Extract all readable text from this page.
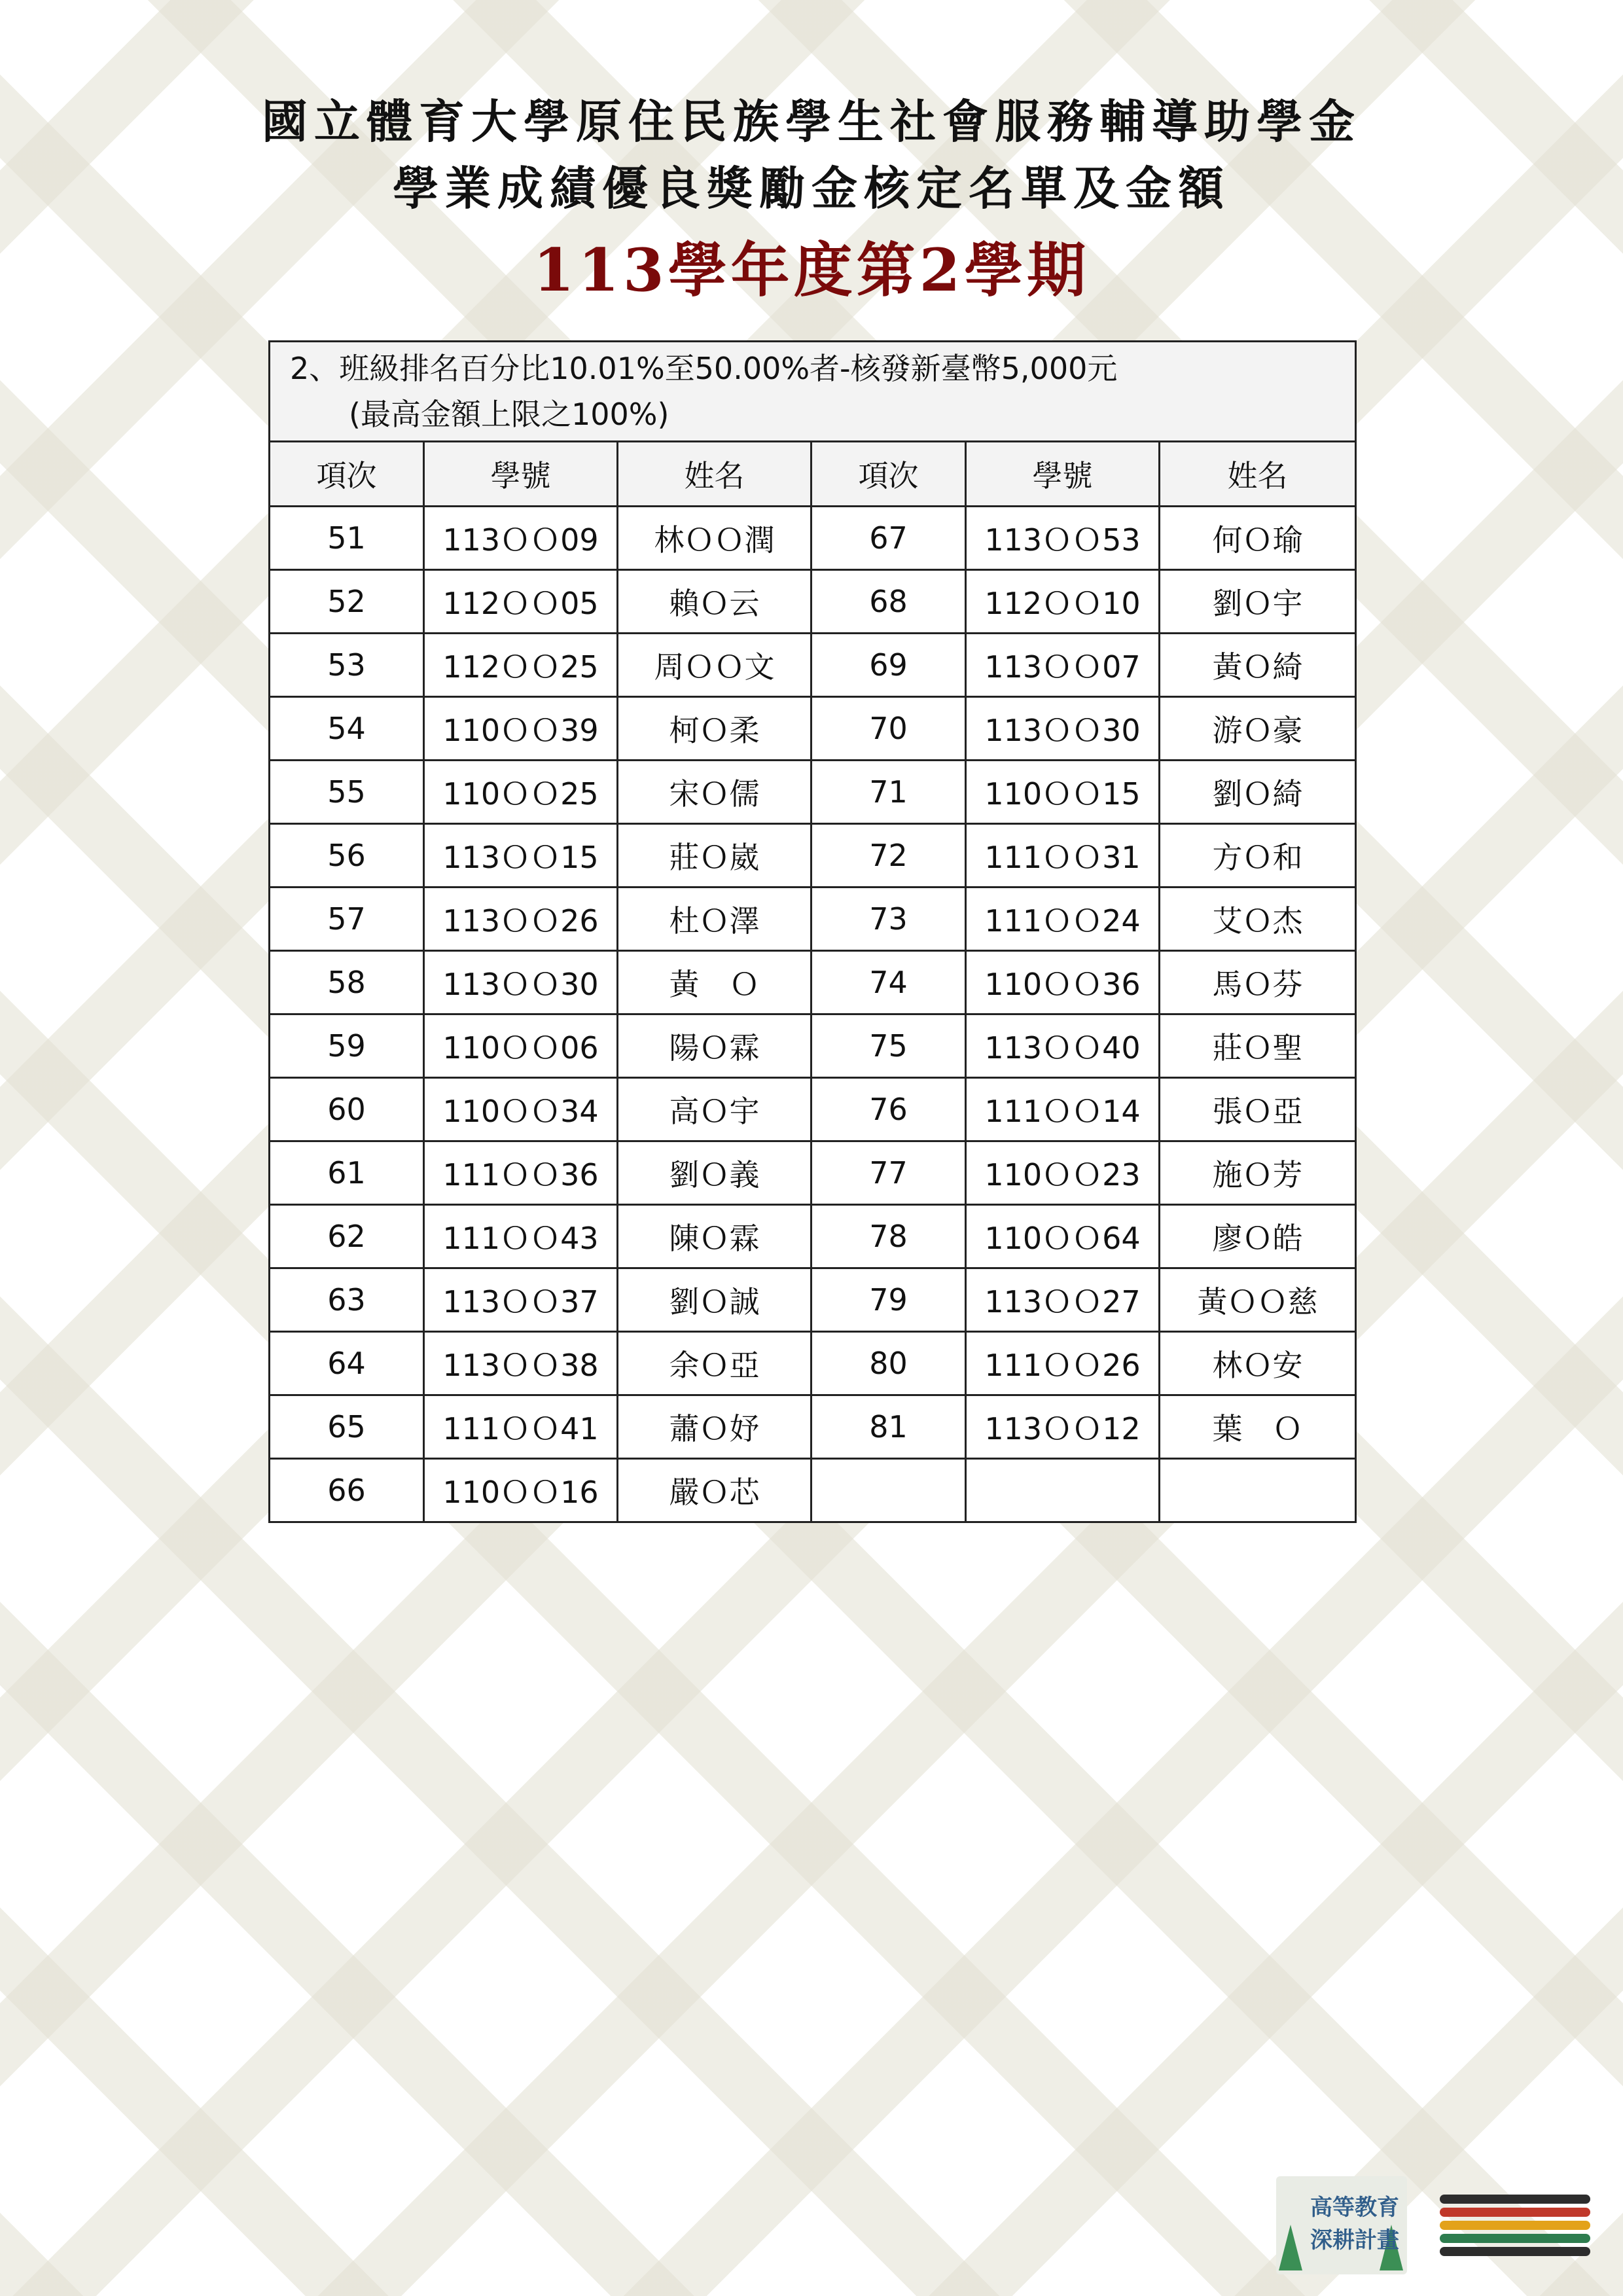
國立體育大學原住民族學生社會服務輔導助學金
學業成績優良獎勵金核定名單及金額
113學年度第2學期
2、班級排名百分比10.01%至50.00%者-核發新臺幣5,000元
(最高金額上限之100%)					

項次	學號	姓名	項次	學號	姓名
51	113ＯＯ09	林ＯＯ潤	67	113ＯＯ53	何Ｏ瑜
52	112ＯＯ05	賴Ｏ云	68	112ＯＯ10	劉Ｏ宇
53	112ＯＯ25	周ＯＯ文	69	113ＯＯ07	黃Ｏ綺
54	110ＯＯ39	柯Ｏ柔	70	113ＯＯ30	游Ｏ豪
55	110ＯＯ25	宋Ｏ儒	71	110ＯＯ15	劉Ｏ綺
56	113ＯＯ15	莊Ｏ崴	72	111ＯＯ31	方Ｏ和
57	113ＯＯ26	杜Ｏ澤	73	111ＯＯ24	艾Ｏ杰
58	113ＯＯ30	黃　Ｏ	74	110ＯＯ36	馬Ｏ芬
59	110ＯＯ06	陽Ｏ霖	75	113ＯＯ40	莊Ｏ聖
60	110ＯＯ34	高Ｏ宇	76	111ＯＯ14	張Ｏ亞
61	111ＯＯ36	劉Ｏ義	77	110ＯＯ23	施Ｏ芳
62	111ＯＯ43	陳Ｏ霖	78	110ＯＯ64	廖Ｏ皓
63	113ＯＯ37	劉Ｏ誠	79	113ＯＯ27	黃ＯＯ慈
64	113ＯＯ38	余Ｏ亞	80	111ＯＯ26	林Ｏ安
65	111ＯＯ41	蕭Ｏ妤	81	113ＯＯ12	葉　Ｏ
66	110ＯＯ16	嚴Ｏ芯			
高等教育
深耕計畫
